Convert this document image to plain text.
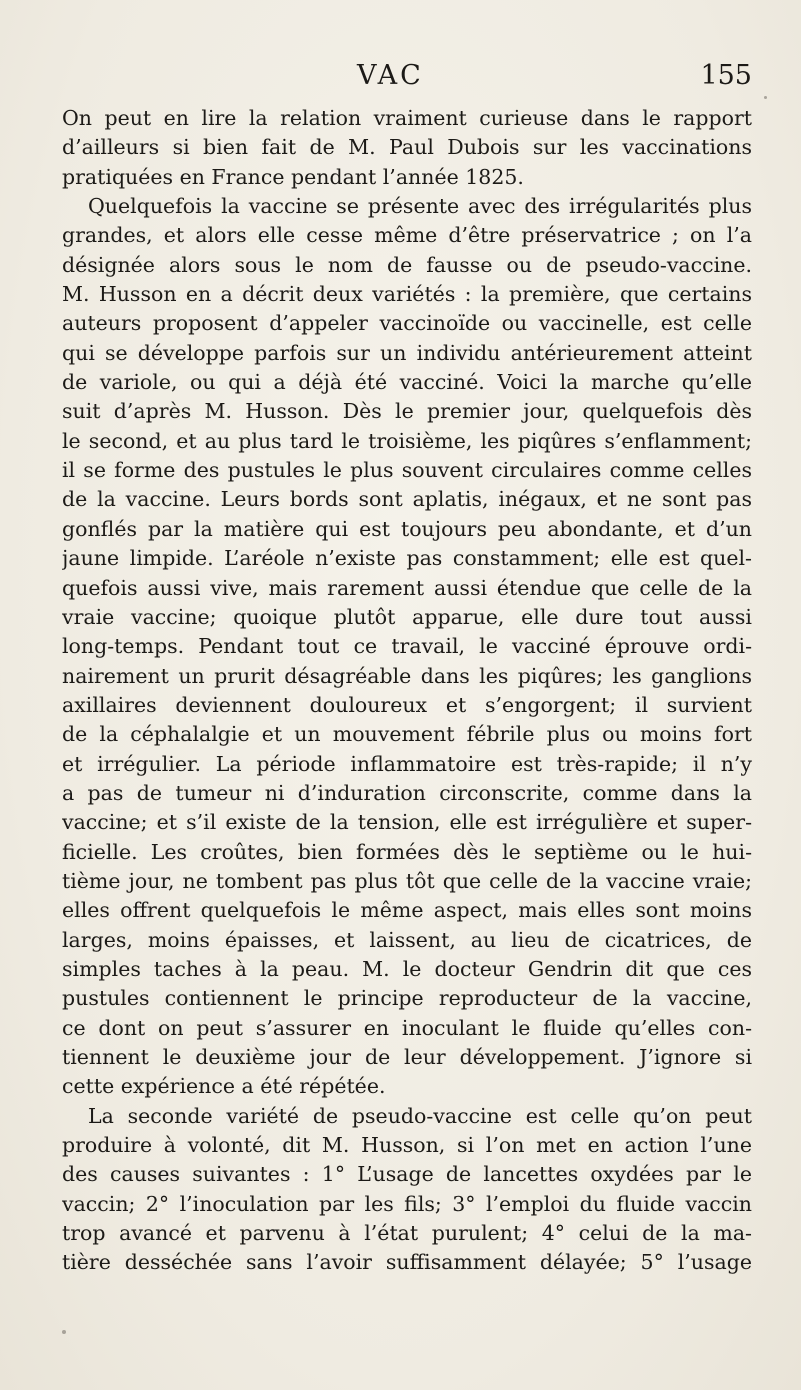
VAC	155
On peut en lire la relation vraiment curieuse dans le rapport
d’ailleurs si bien fait de M. Paul Dubois sur les vaccinations
pratiquées en France pendant l’année 1825.
Quelquefois la vaccine se présente avec des irrégularités plus
grandes, et alors elle cesse même d’être préservatrice ; on l’a
désignée alors sous le nom de fausse ou de pseudo-vaccine.
M. Husson en a décrit deux variétés : la première, que certains
auteurs proposent d’appeler vaccinoïde ou vaccinelle, est celle
qui se développe parfois sur un individu antérieurement atteint
de variole, ou qui a déjà été vacciné. Voici la marche qu’elle
suit d’après M. Husson. Dès le premier jour, quelquefois dès
le second, et au plus tard le troisième, les piqûres s’enflamment;
il se forme des pustules le plus souvent circulaires comme celles
de la vaccine. Leurs bords sont aplatis, inégaux, et ne sont pas
gonflés par la matière qui est toujours peu abondante, et d’un
jaune limpide. L’aréole n’existe pas constamment; elle est quel-
quefois aussi vive, mais rarement aussi étendue que celle de la
vraie vaccine; quoique plutôt apparue, elle dure tout aussi
long-temps. Pendant tout ce travail, le vacciné éprouve ordi-
nairement un prurit désagréable dans les piqûres; les ganglions
axillaires deviennent douloureux et s’engorgent; il survient
de la céphalalgie et un mouvement fébrile plus ou moins fort
et irrégulier. La période inflammatoire est très-rapide; il n’y
a pas de tumeur ni d’induration circonscrite, comme dans la
vaccine; et s’il existe de la tension, elle est irrégulière et super-
ficielle. Les croûtes, bien formées dès le septième ou le hui-
tième jour, ne tombent pas plus tôt que celle de la vaccine vraie;
elles offrent quelquefois le même aspect, mais elles sont moins
larges, moins épaisses, et laissent, au lieu de cicatrices, de
simples taches à la peau. M. le docteur Gendrin dit que ces
pustules contiennent le principe reproducteur de la vaccine,
ce dont on peut s’assurer en inoculant le fluide qu’elles con-
tiennent le deuxième jour de leur développement. J’ignore si
cette expérience a été répétée.
La seconde variété de pseudo-vaccine est celle qu’on peut
produire à volonté, dit M. Husson, si l’on met en action l’une
des causes suivantes : 1° L’usage de lancettes oxydées par le
vaccin; 2° l’inoculation par les fils; 3° l’emploi du fluide vaccin
trop avancé et parvenu à l’état purulent; 4° celui de la ma-
tière desséchée sans l’avoir suffisamment délayée; 5° l’usage
